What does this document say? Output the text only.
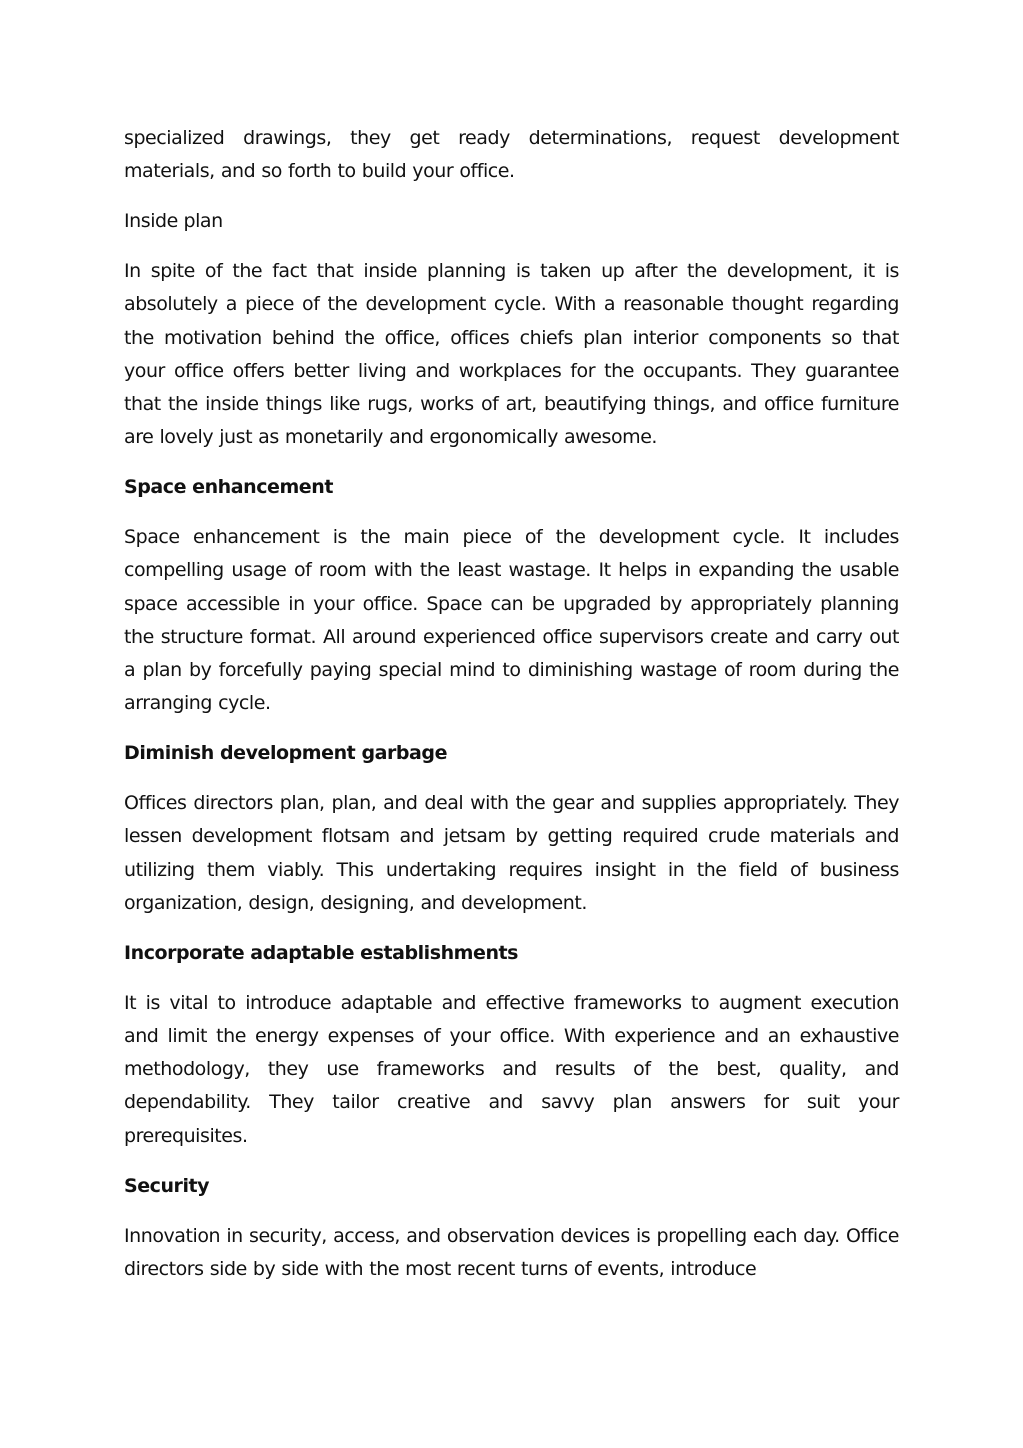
specialized drawings, they get ready determinations, request development materials, and so forth to build your office.

Inside plan

In spite of the fact that inside planning is taken up after the development, it is absolutely a piece of the development cycle. With a reasonable thought regarding the motivation behind the office, offices chiefs plan interior components so that your office offers better living and workplaces for the occupants. They guarantee that the inside things like rugs, works of art, beautifying things, and office furniture are lovely just as monetarily and ergonomically awesome.

Space enhancement

Space enhancement is the main piece of the development cycle. It includes compelling usage of room with the least wastage. It helps in expanding the usable space accessible in your office. Space can be upgraded by appropriately planning the structure format. All around experienced office supervisors create and carry out a plan by forcefully paying special mind to diminishing wastage of room during the arranging cycle.

Diminish development garbage

Offices directors plan, plan, and deal with the gear and supplies appropriately. They lessen development flotsam and jetsam by getting required crude materials and utilizing them viably. This undertaking requires insight in the field of business organization, design, designing, and development.

Incorporate adaptable establishments

It is vital to introduce adaptable and effective frameworks to augment execution and limit the energy expenses of your office. With experience and an exhaustive methodology, they use frameworks and results of the best, quality, and dependability. They tailor creative and savvy plan answers for suit your prerequisites.

Security

Innovation in security, access, and observation devices is propelling each day. Office directors side by side with the most recent turns of events, introduce
